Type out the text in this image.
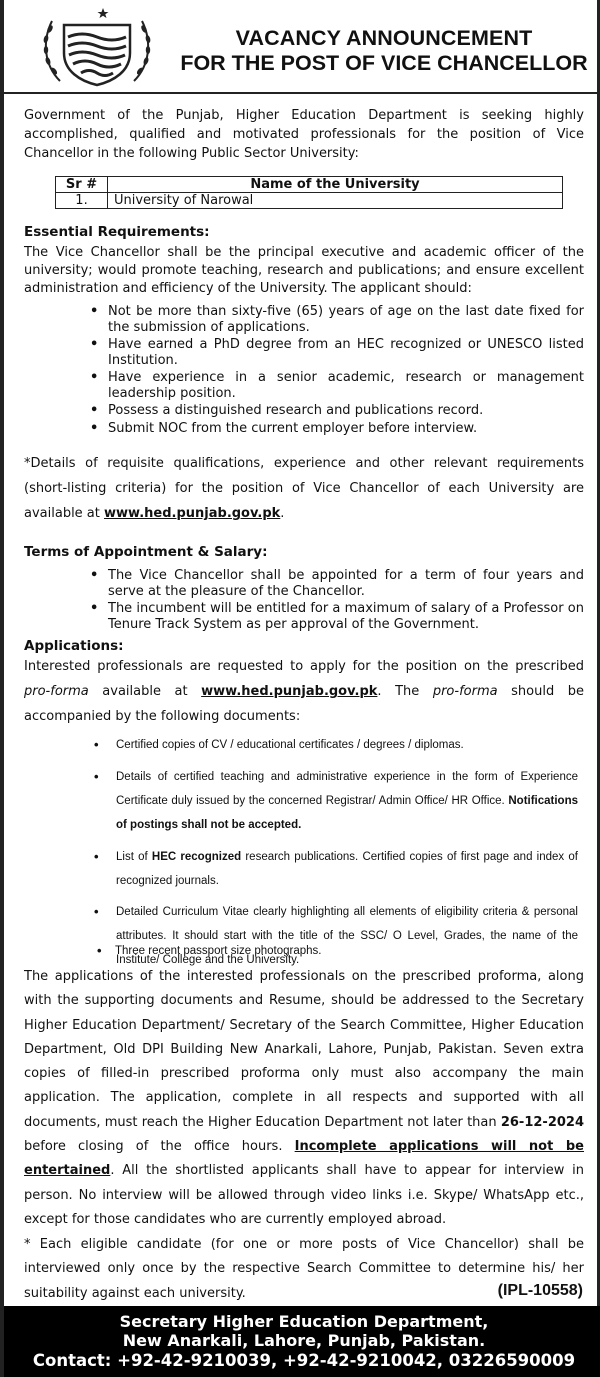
VACANCY ANNOUNCEMENT
FOR THE POST OF VICE CHANCELLOR

Government of the Punjab, Higher Education Department is seeking highly accomplished, qualified and motivated professionals for the position of Vice Chancellor in the following Public Sector University:

Sr #	Name of the University
1.	University of Narowal
Essential Requirements:

The Vice Chancellor shall be the principal executive and academic officer of the university; would promote teaching, research and publications; and ensure excellent administration and efficiency of the University. The applicant should:

• Not be more than sixty-five (65) years of age on the last date fixed for the submission of applications.
• Have earned a PhD degree from an HEC recognized or UNESCO listed Institution.
• Have experience in a senior academic, research or management leadership position.
• Possess a distinguished research and publications record.
• Submit NOC from the current employer before interview.

*Details of requisite qualifications, experience and other relevant requirements (short-listing criteria) for the position of Vice Chancellor of each University are available at www.hed.punjab.gov.pk.

Terms of Appointment & Salary:
• The Vice Chancellor shall be appointed for a term of four years and serve at the pleasure of the Chancellor.
• The incumbent will be entitled for a maximum of salary of a Professor on Tenure Track System as per approval of the Government.
Applications:

Interested professionals are requested to apply for the position on the prescribed pro-forma available at www.hed.punjab.gov.pk. The pro-forma should be accompanied by the following documents:

• Certified copies of CV / educational certificates / degrees / diplomas.
• Details of certified teaching and administrative experience in the form of Experience Certificate duly issued by the concerned Registrar/ Admin Office/ HR Office. Notifications of postings shall not be accepted.
• List of HEC recognized research publications. Certified copies of first page and index of recognized journals.
• Detailed Curriculum Vitae clearly highlighting all elements of eligibility criteria & personal attributes. It should start with the title of the SSC/ O Level, Grades, the name of the Institute/ College and the University.
• Three recent passport size photographs.

The applications of the interested professionals on the prescribed proforma, along with the supporting documents and Resume, should be addressed to the Secretary Higher Education Department/ Secretary of the Search Committee, Higher Education Department, Old DPI Building New Anarkali, Lahore, Punjab, Pakistan. Seven extra copies of filled-in prescribed proforma only must also accompany the main application. The application, complete in all respects and supported with all documents, must reach the Higher Education Department not later than 26-12-2024 before closing of the office hours. Incomplete applications will not be entertained. All the shortlisted applicants shall have to appear for interview in person. No interview will be allowed through video links i.e. Skype/ WhatsApp etc., except for those candidates who are currently employed abroad.

* Each eligible candidate (for one or more posts of Vice Chancellor) shall be interviewed only once by the respective Search Committee to determine his/ her suitability against each university.	(IPL-10558)
Secretary Higher Education Department,
New Anarkali, Lahore, Punjab, Pakistan.
Contact: +92-42-9210039, +92-42-9210042, 03226590009
